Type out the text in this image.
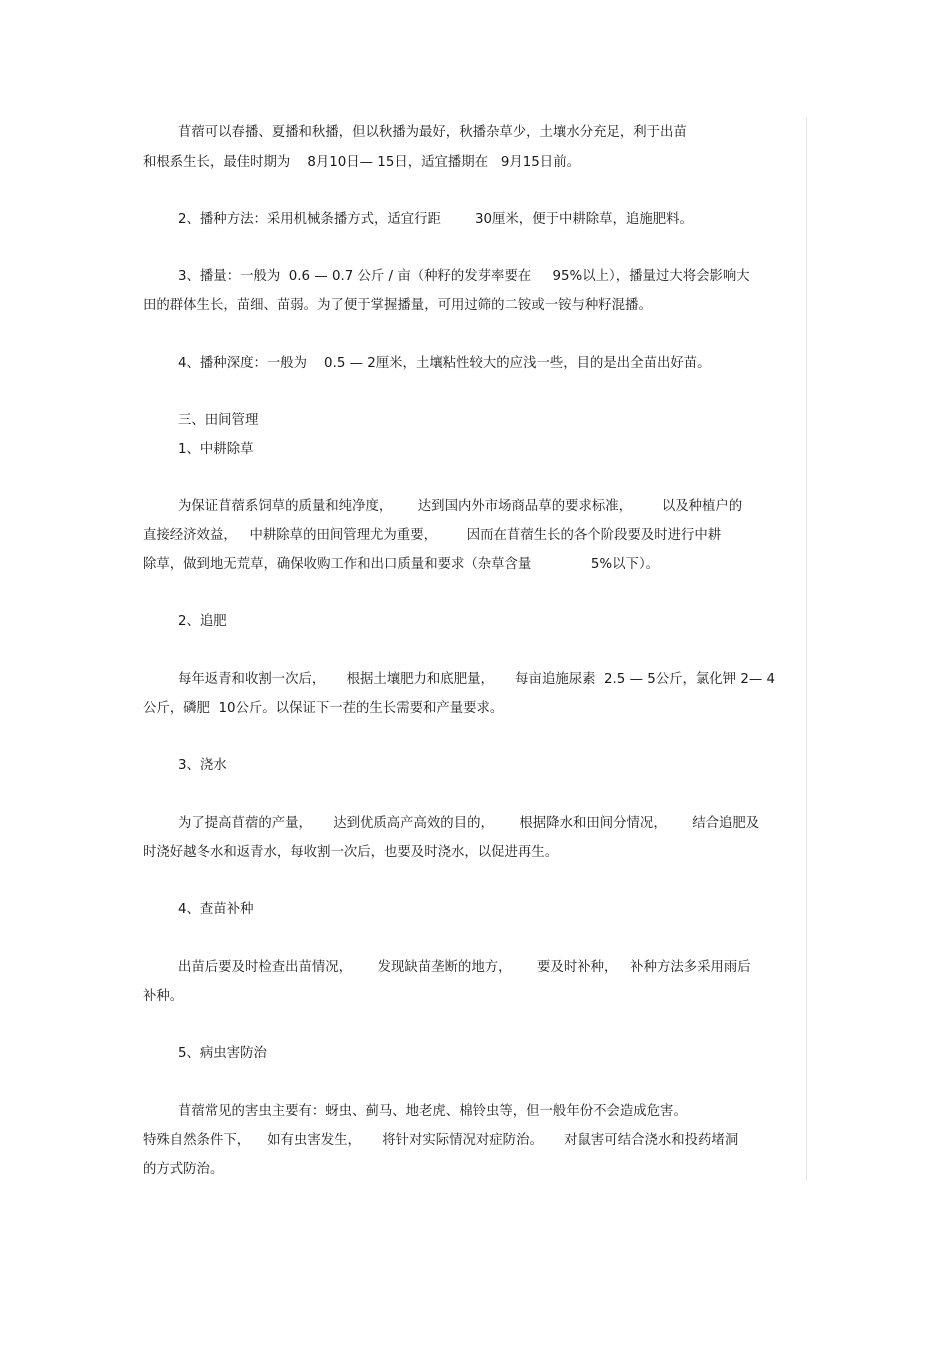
苜蓿可以春播、夏播和秋播，但以秋播为最好，秋播杂草少，土壤水分充足，利于出苗
和根系生长，最佳时期为    8月10日— 15日，适宜播期在   9月15日前。
2、播种方法：采用机械条播方式，适宜行距        30厘米，便于中耕除草，追施肥料。
3、播量：一般为  0.6 — 0.7 公斤 / 亩（种籽的发芽率要在     95%以上），播量过大将会影响大
田的群体生长，苗细、苗弱。为了便于掌握播量，可用过筛的二铵或一铵与种籽混播。
4、播种深度：一般为    0.5 — 2厘米，土壤粘性较大的应浅一些，目的是出全苗出好苗。
三、田间管理
1、中耕除草
为保证苜蓿系饲草的质量和纯净度，      达到国内外市场商品草的要求标准，       以及种植户的
直接经济效益，   中耕除草的田间管理尤为重要，       因而在苜蓿生长的各个阶段要及时进行中耕
除草，做到地无荒草，确保收购工作和出口质量和要求（杂草含量              5%以下）。
2、追肥
每年返青和收割一次后，     根据土壤肥力和底肥量，     每亩追施尿素  2.5 — 5公斤，氯化钾 2— 4
公斤，磷肥  10公斤。以保证下一茬的生长需要和产量要求。
3、浇水
为了提高苜蓿的产量，     达到优质高产高效的目的，      根据降水和田间分情况，      结合追肥及
时浇好越冬水和返青水，每收割一次后，也要及时浇水，以促进再生。
4、查苗补种
出苗后要及时检查出苗情况，      发现缺苗垄断的地方，      要及时补种，   补种方法多采用雨后
补种。
5、病虫害防治
苜蓿常见的害虫主要有：蚜虫、蓟马、地老虎、棉铃虫等，但一般年份不会造成危害。
特殊自然条件下，    如有虫害发生，     将针对实际情况对症防治。     对鼠害可结合浇水和投药堵洞
的方式防治。
